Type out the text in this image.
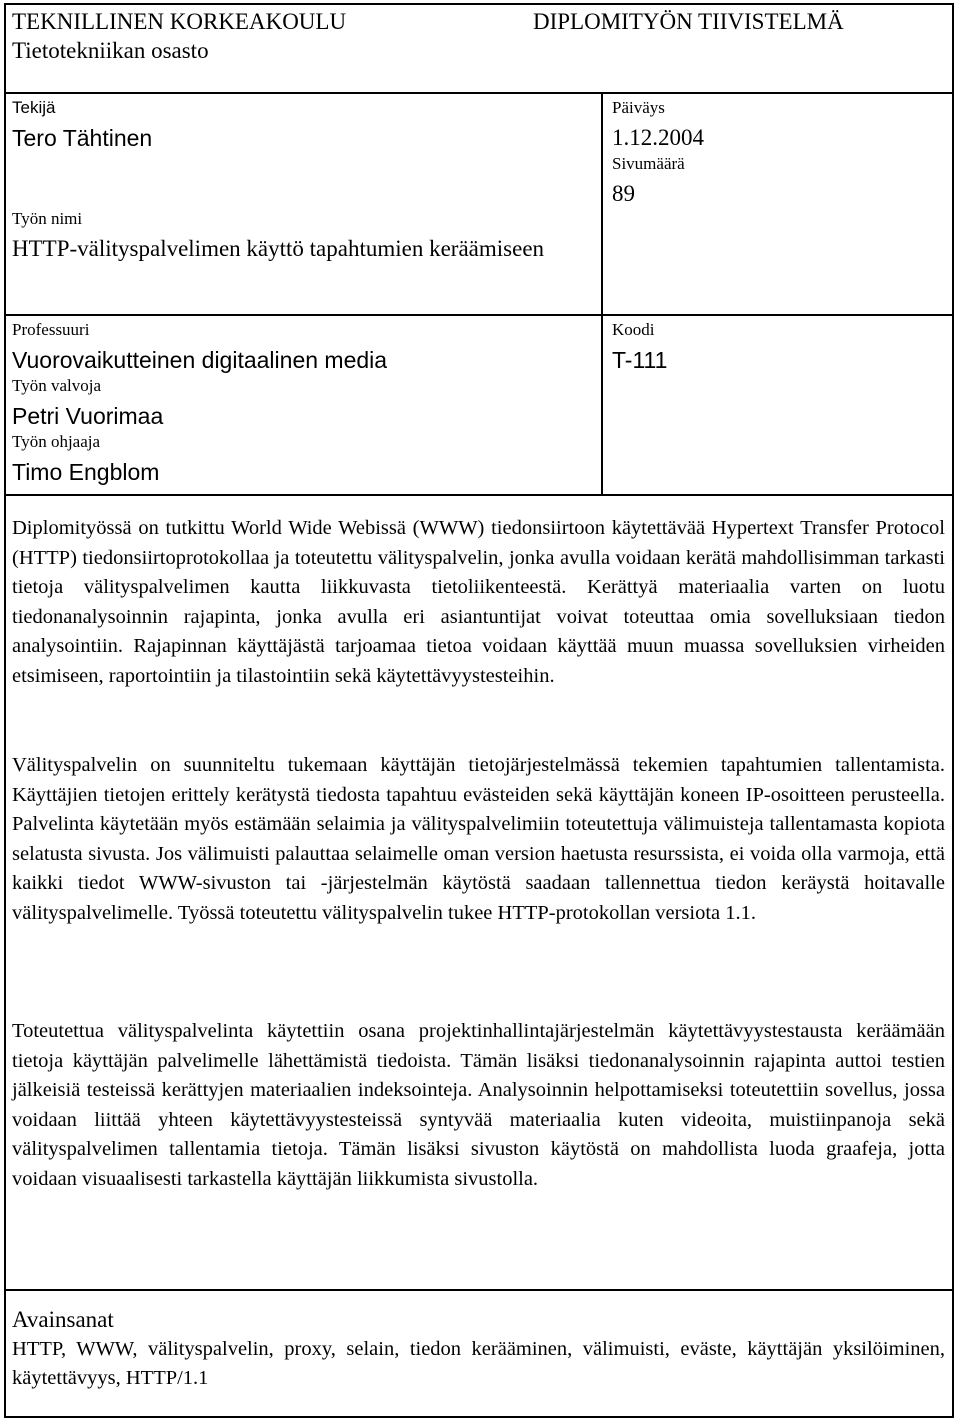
TEKNILLINEN KORKEAKOULU
Tietotekniikan osasto
DIPLOMITYÖN TIIVISTELMÄ
Tekijä
Tero Tähtinen
Työn nimi
HTTP-välityspalvelimen käyttö tapahtumien keräämiseen
Päiväys
1.12.2004
Sivumäärä
89
Professuuri
Vuorovaikutteinen digitaalinen media
Työn valvoja
Petri Vuorimaa
Työn ohjaaja
Timo Engblom
Koodi
T-111

Diplomityössä on tutkittu World Wide Webissä (WWW) tiedonsiirtoon käytettävää Hypertext Transfer Protocol (HTTP) tiedonsiirtoprotokollaa ja toteutettu välityspalvelin, jonka avulla voidaan kerätä mahdollisimman tarkasti tietoja välityspalvelimen kautta liikkuvasta tietoliikenteestä. Kerättyä materiaalia varten on luotu tiedonanalysoinnin rajapinta, jonka avulla eri asiantuntijat voivat toteuttaa omia sovelluksiaan tiedon analysointiin. Rajapinnan käyttäjästä tarjoamaa tietoa voidaan käyttää muun muassa sovelluksien virheiden etsimiseen, raportointiin ja tilastointiin sekä käytettävyystesteihin.

Välityspalvelin on suunniteltu tukemaan käyttäjän tietojärjestelmässä tekemien tapahtumien tallentamista. Käyttäjien tietojen erittely kerätystä tiedosta tapahtuu evästeiden sekä käyttäjän koneen IP-osoitteen perusteella. Palvelinta käytetään myös estämään selaimia ja välityspalvelimiin toteutettuja välimuisteja tallentamasta kopiota selatusta sivusta. Jos välimuisti palauttaa selaimelle oman version haetusta resurssista, ei voida olla varmoja, että kaikki tiedot WWW-sivuston tai -järjestelmän käytöstä saadaan tallennettua tiedon keräystä hoitavalle välityspalvelimelle. Työssä toteutettu välityspalvelin tukee HTTP-protokollan versiota 1.1.

Toteutettua välityspalvelinta käytettiin osana projektinhallintajärjestelmän käytettävyystestausta keräämään tietoja käyttäjän palvelimelle lähettämistä tiedoista. Tämän lisäksi tiedonanalysoinnin rajapinta auttoi testien jälkeisiä testeissä kerättyjen materiaalien indeksointeja. Analysoinnin helpottamiseksi toteutettiin sovellus, jossa voidaan liittää yhteen käytettävyystesteissä syntyvää materiaalia kuten videoita, muistiinpanoja sekä välityspalvelimen tallentamia tietoja. Tämän lisäksi sivuston käytöstä on mahdollista luoda graafeja, jotta voidaan visuaalisesti tarkastella käyttäjän liikkumista sivustolla.

Avainsanat
HTTP, WWW, välityspalvelin, proxy, selain, tiedon kerääminen, välimuisti, eväste, käyttäjän yksilöiminen, käytettävyys, HTTP/1.1
